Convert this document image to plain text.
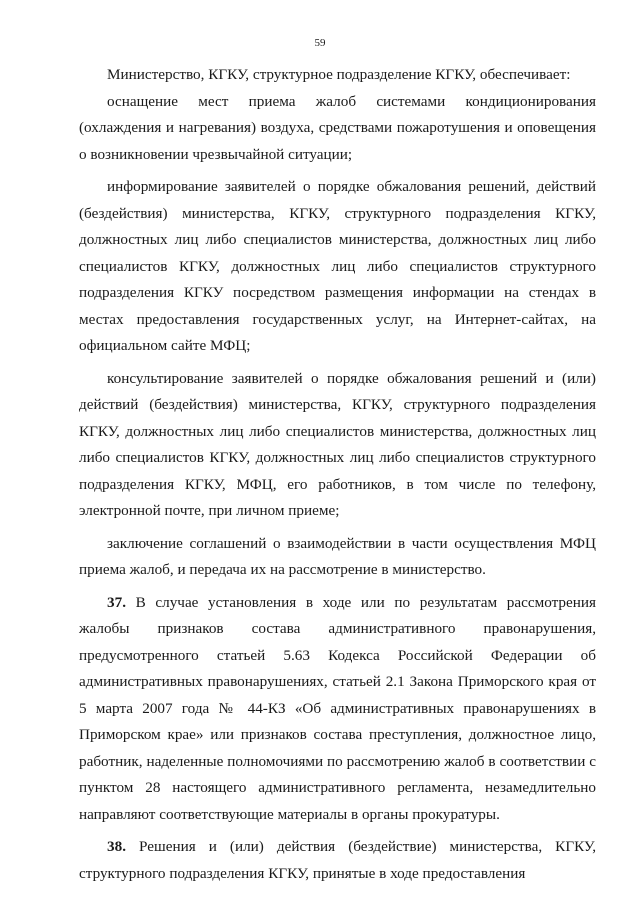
59

Министерство, КГКУ, структурное подразделение КГКУ, обеспечивает:

оснащение мест приема жалоб системами кондиционирования (охлаждения и нагревания) воздуха, средствами пожаротушения и оповещения о возникновении чрезвычайной ситуации;

информирование заявителей о порядке обжалования решений, действий (бездействия) министерства, КГКУ, структурного подразделения КГКУ, должностных лиц либо специалистов министерства, должностных лиц либо специалистов КГКУ, должностных лиц либо специалистов структурного подразделения КГКУ посредством размещения информации на стендах в местах предоставления государственных услуг, на Интернет-сайтах, на официальном сайте МФЦ;

консультирование заявителей о порядке обжалования решений и (или) действий (бездействия) министерства, КГКУ, структурного подразделения КГКУ, должностных лиц либо специалистов министерства, должностных лиц либо специалистов КГКУ, должностных лиц либо специалистов структурного подразделения КГКУ, МФЦ, его работников, в том числе по телефону, электронной почте, при личном приеме;

заключение соглашений о взаимодействии в части осуществления МФЦ приема жалоб, и передача их на рассмотрение в министерство.

37. В случае установления в ходе или по результатам рассмотрения жалобы признаков состава административного правонарушения, предусмотренного статьей 5.63 Кодекса Российской Федерации об административных правонарушениях, статьей 2.1 Закона Приморского края от 5 марта 2007 года № 44-КЗ «Об административных правонарушениях в Приморском крае» или признаков состава преступления, должностное лицо, работник, наделенные полномочиями по рассмотрению жалоб в соответствии с пунктом 28 настоящего административного регламента, незамедлительно направляют соответствующие материалы в органы прокуратуры.

38. Решения и (или) действия (бездействие) министерства, КГКУ, структурного подразделения КГКУ, принятые в ходе предоставления
